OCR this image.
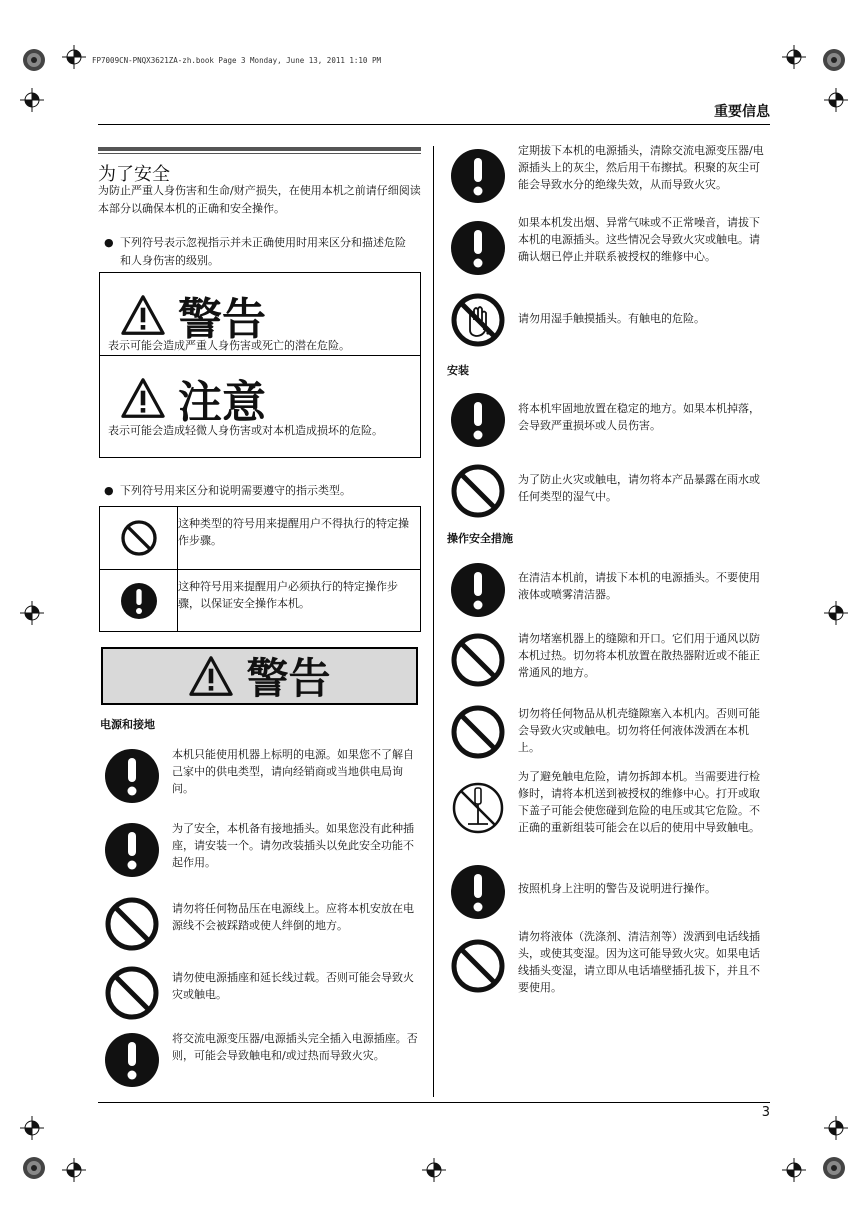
FP7009CN-PNQX3621ZA-zh.book Page 3 Monday, June 13, 2011 1:10 PM
重要信息
为了安全
为防止严重人身伤害和生命/财产损失，在使用本机之前请仔细阅读本部分以确保本机的正确和安全操作。
● 下列符号表示忽视指示并未正确使用时用来区分和描述危险和人身伤害的级别。
警告
表示可能会造成严重人身伤害或死亡的潜在危险。
注意
表示可能会造成轻微人身伤害或对本机造成损坏的危险。
● 下列符号用来区分和说明需要遵守的指示类型。
这种类型的符号用来提醒用户不得执行的特定操作步骤。
这种符号用来提醒用户必须执行的特定操作步骤，以保证安全操作本机。
警告
电源和接地
本机只能使用机器上标明的电源。如果您不了解自己家中的供电类型，请向经销商或当地供电局询问。
为了安全，本机备有接地插头。如果您没有此种插座，请安装一个。请勿改装插头以免此安全功能不起作用。
请勿将任何物品压在电源线上。应将本机安放在电源线不会被踩踏或使人绊倒的地方。
请勿使电源插座和延长线过载。否则可能会导致火灾或触电。
将交流电源变压器/电源插头完全插入电源插座。否则，可能会导致触电和/或过热而导致火灾。
定期拔下本机的电源插头，清除交流电源变压器/电源插头上的灰尘，然后用干布擦拭。积聚的灰尘可能会导致水分的绝缘失效，从而导致火灾。
如果本机发出烟、异常气味或不正常噪音，请拔下本机的电源插头。这些情况会导致火灾或触电。请确认烟已停止并联系被授权的维修中心。
请勿用湿手触摸插头。有触电的危险。
安装
将本机牢固地放置在稳定的地方。如果本机掉落，会导致严重损坏或人员伤害。
为了防止火灾或触电，请勿将本产品暴露在雨水或任何类型的湿气中。
操作安全措施
在清洁本机前，请拔下本机的电源插头。不要使用液体或喷雾清洁器。
请勿堵塞机器上的缝隙和开口。它们用于通风以防本机过热。切勿将本机放置在散热器附近或不能正常通风的地方。
切勿将任何物品从机壳缝隙塞入本机内。否则可能会导致火灾或触电。切勿将任何液体泼洒在本机上。
为了避免触电危险，请勿拆卸本机。当需要进行检修时，请将本机送到被授权的维修中心。打开或取下盖子可能会使您碰到危险的电压或其它危险。不正确的重新组装可能会在以后的使用中导致触电。
按照机身上注明的警告及说明进行操作。
请勿将液体（洗涤剂、清洁剂等）泼洒到电话线插头，或使其变湿。因为这可能导致火灾。如果电话线插头变湿，请立即从电话墙壁插孔拔下，并且不要使用。
3
